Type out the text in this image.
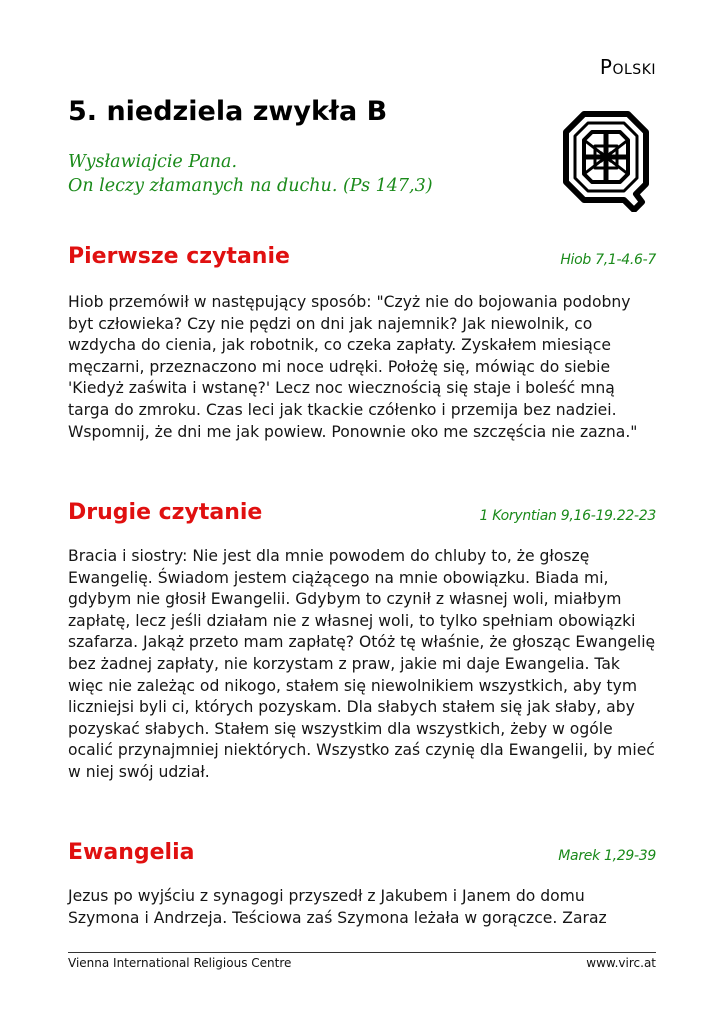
Polski
5. niedziela zwykła B
Wysławiajcie Pana.
On leczy złamanych na duchu. (Ps 147,3)
Pierwsze czytanie	Hiob 7,1-4.6-7

Hiob przemówił w następujący sposób: "Czyż nie do bojowania podobny byt człowieka? Czy nie pędzi on dni jak najemnik? Jak niewolnik, co wzdycha do cienia, jak robotnik, co czeka zapłaty. Zyskałem miesiące męczarni, przeznaczono mi noce udręki. Położę się, mówiąc do siebie 'Kiedyż zaświta i wstanę?' Lecz noc wiecznością się staje i boleść mną targa do zmroku. Czas leci jak tkackie czółenko i przemija bez nadziei. Wspomnij, że dni me jak powiew. Ponownie oko me szczęścia nie zazna."

Drugie czytanie	1 Koryntian 9,16-19.22-23

Bracia i siostry: Nie jest dla mnie powodem do chluby to, że głoszę Ewangelię. Świadom jestem ciążącego na mnie obowiązku. Biada mi, gdybym nie głosił Ewangelii. Gdybym to czynił z własnej woli, miałbym zapłatę, lecz jeśli działam nie z własnej woli, to tylko spełniam obowiązki szafarza. Jakąż przeto mam zapłatę? Otóż tę właśnie, że głosząc Ewangelię bez żadnej zapłaty, nie korzystam z praw, jakie mi daje Ewangelia. Tak więc nie zależąc od nikogo, stałem się niewolnikiem wszystkich, aby tym liczniejsi byli ci, których pozyskam. Dla słabych stałem się jak słaby, aby pozyskać słabych. Stałem się wszystkim dla wszystkich, żeby w ogóle ocalić przynajmniej niektórych. Wszystko zaś czynię dla Ewangelii, by mieć w niej swój udział.

Ewangelia	Marek 1,29-39

Jezus po wyjściu z synagogi przyszedł z Jakubem i Janem do domu Szymona i Andrzeja. Teściowa zaś Szymona leżała w gorączce. Zaraz

Vienna International Religious Centre	www.virc.at
